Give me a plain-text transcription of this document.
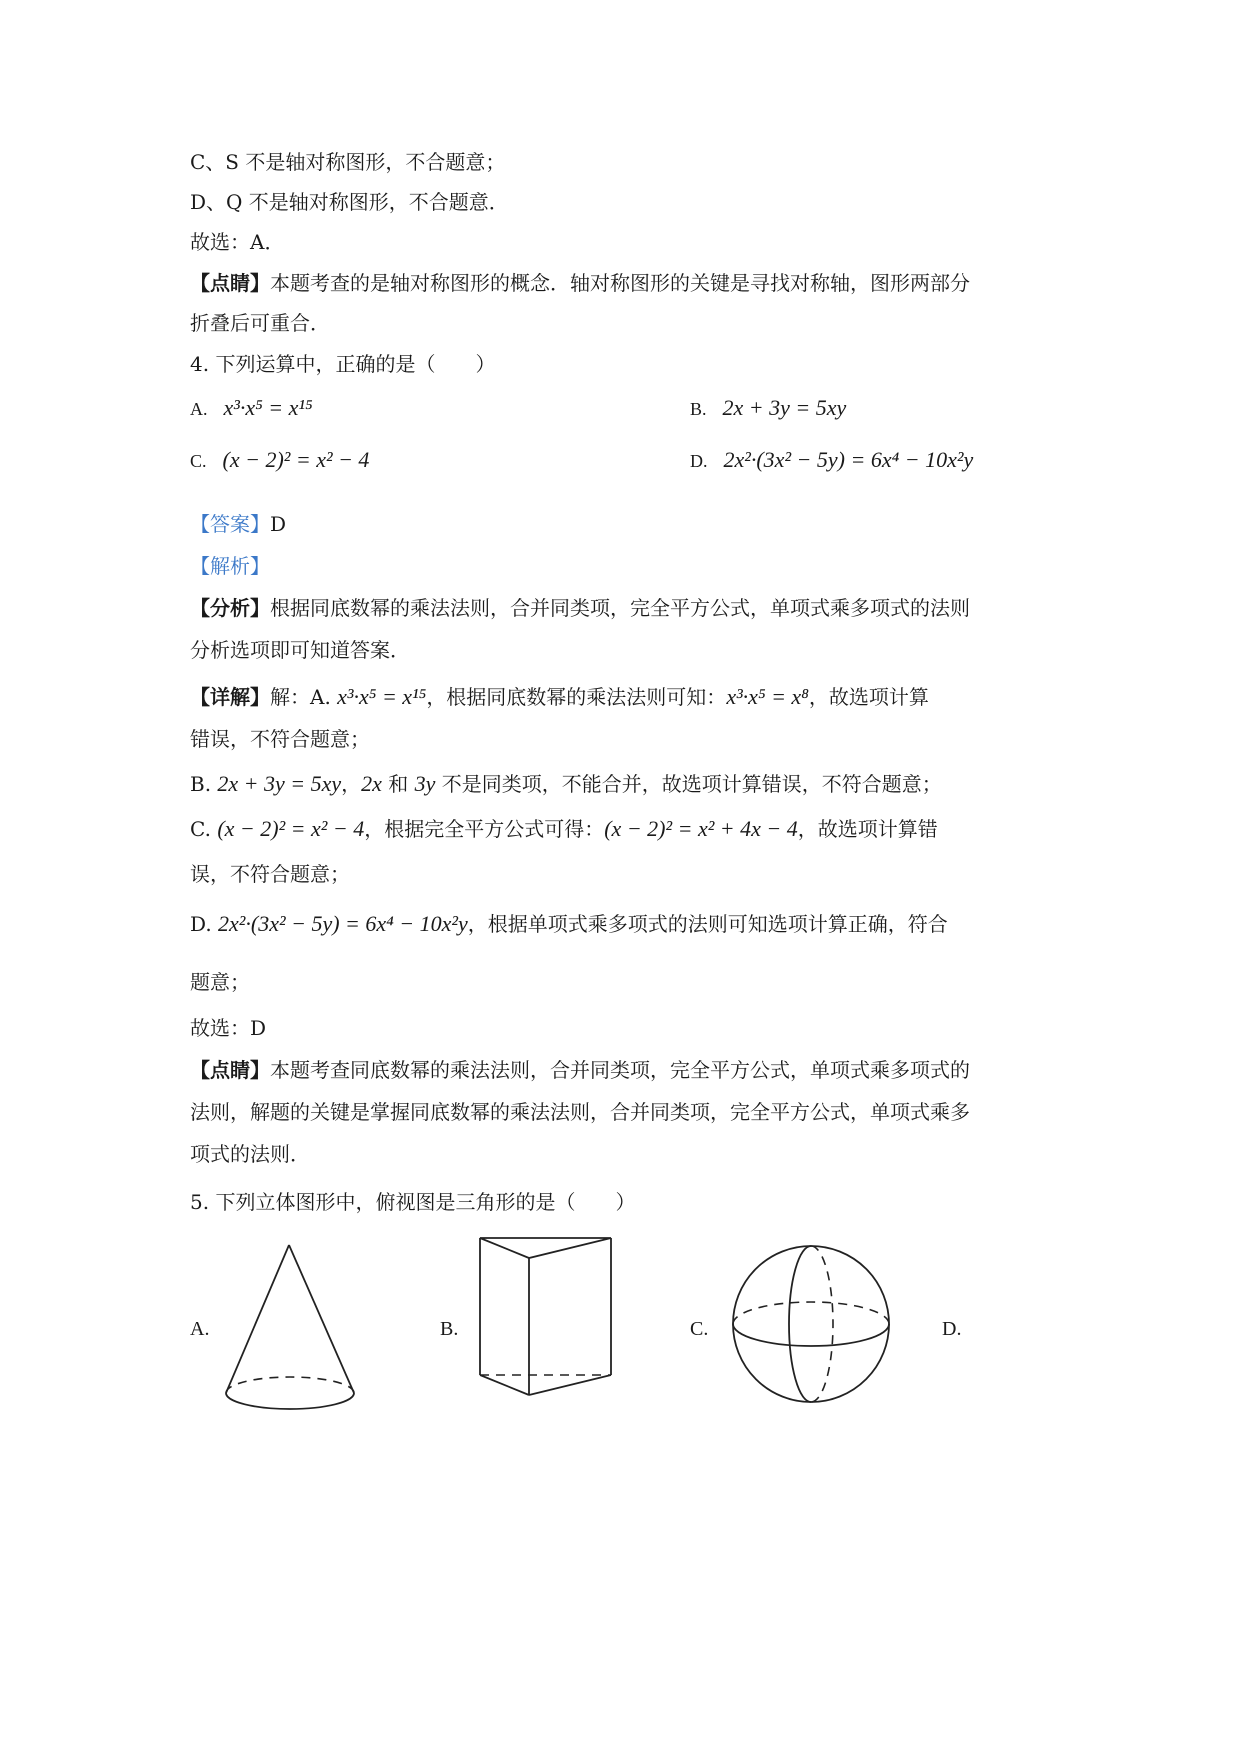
C、S 不是轴对称图形，不合题意；
D、Q 不是轴对称图形，不合题意．
故选：A．
【点睛】本题考查的是轴对称图形的概念．轴对称图形的关键是寻找对称轴，图形两部分
折叠后可重合．
4. 下列运算中，正确的是（　　）
A. x³·x⁵ = x¹⁵	B. 2x + 3y = 5xy
C. (x − 2)² = x² − 4	D. 2x²·(3x² − 5y) = 6x⁴ − 10x²y
【答案】D
【解析】
【分析】根据同底数幂的乘法法则，合并同类项，完全平方公式，单项式乘多项式的法则
分析选项即可知道答案．
【详解】解：A. x³·x⁵ = x¹⁵，根据同底数幂的乘法法则可知：x³·x⁵ = x⁸，故选项计算
错误，不符合题意；
B. 2x + 3y = 5xy，2x 和 3y 不是同类项，不能合并，故选项计算错误，不符合题意；
C. (x − 2)² = x² − 4，根据完全平方公式可得：(x − 2)² = x² + 4x − 4，故选项计算错
误，不符合题意；
D. 2x²·(3x² − 5y) = 6x⁴ − 10x²y，根据单项式乘多项式的法则可知选项计算正确，符合
题意；
故选：D
【点睛】本题考查同底数幂的乘法法则，合并同类项，完全平方公式，单项式乘多项式的
法则，解题的关键是掌握同底数幂的乘法法则，合并同类项，完全平方公式，单项式乘多
项式的法则．
5. 下列立体图形中，俯视图是三角形的是（　　）
A.	B.	C.	D.
